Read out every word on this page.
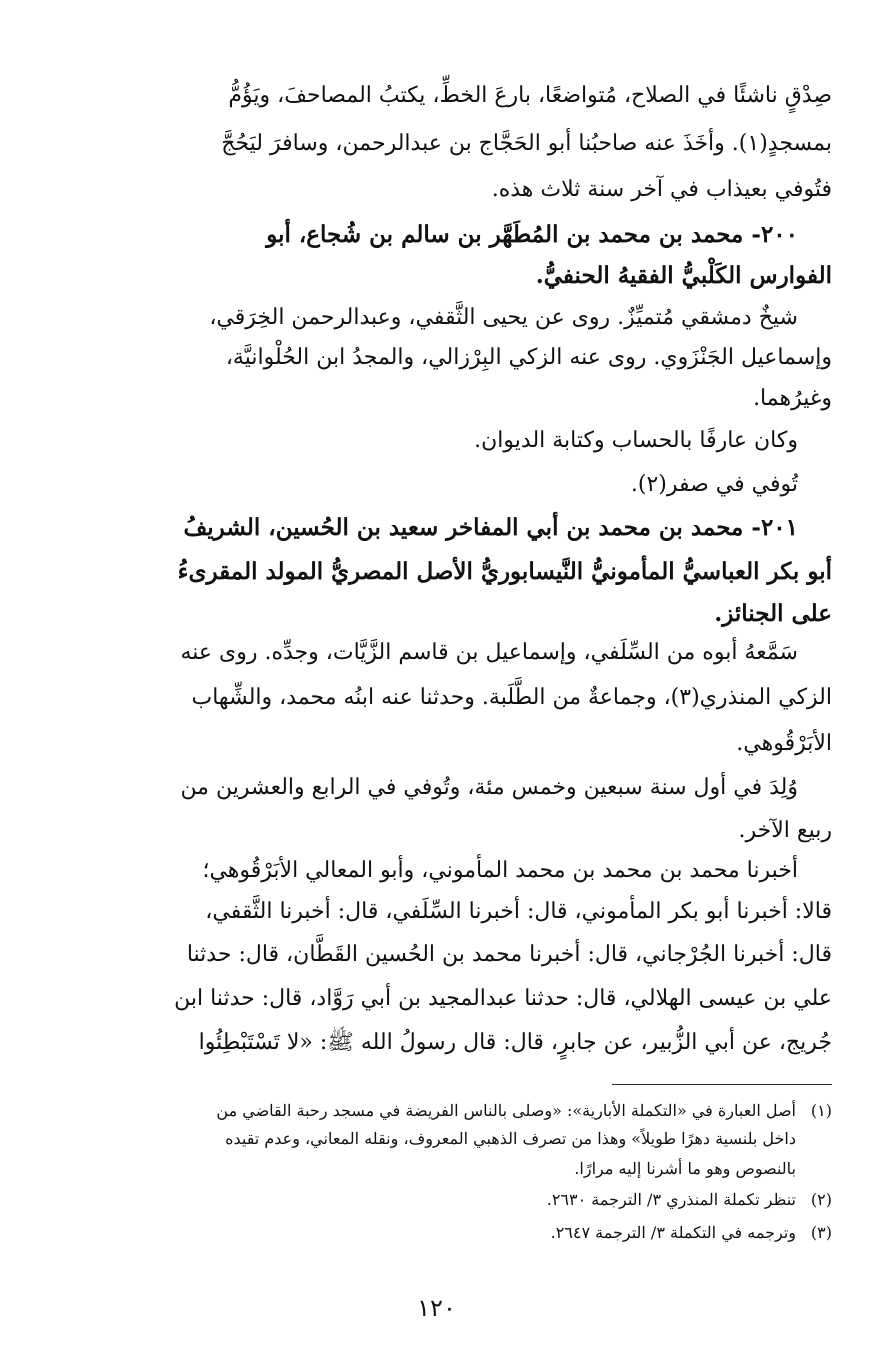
صِدْقٍ ناشئًا في الصلاح، مُتواضعًا، بارعَ الخطِّ، يكتبُ المصاحفَ، ويَؤُمُّ
بمسجدٍ(١). وأخَذَ عنه صاحبُنا أبو الحَجَّاج بن عبدالرحمن، وسافرَ ليَحُجَّ
فتُوفي بعيذاب في آخر سنة ثلاث هذه.
٢٠٠- محمد بن محمد بن المُطَهَّر بن سالم بن شُجاع، أبو
الفوارس الكَلْبيُّ الفقيهُ الحنفيُّ.
شيخٌ دمشقي مُتميِّزٌ. روى عن يحيى الثَّقفي، وعبدالرحمن الخِرَقي،
وإسماعيل الجَنْزَوي. روى عنه الزكي البِرْزالي، والمجدُ ابن الحُلْوانيَّة،
وغيرُهما.
وكان عارفًا بالحساب وكتابة الديوان.
تُوفي في صفر(٢).
٢٠١- محمد بن محمد بن أبي المفاخر سعيد بن الحُسين، الشريفُ
أبو بكر العباسيُّ المأمونيُّ النَّيسابوريُّ الأصل المصريُّ المولد المقرىءُ
على الجنائز.
سَمَّعهُ أبوه من السِّلَفي، وإسماعيل بن قاسم الزَّيَّات، وجدِّه. روى عنه
الزكي المنذري(٣)، وجماعةٌ من الطَّلَبة. وحدثنا عنه ابنُه محمد، والشِّهاب
الأبَرْقُوهي.
وُلِدَ في أول سنة سبعين وخمس مئة، وتُوفي في الرابع والعشرين من
ربيع الآخر.
أخبرنا محمد بن محمد بن محمد المأموني، وأبو المعالي الأبَرْقُوهي؛
قالا: أخبرنا أبو بكر المأموني، قال: أخبرنا السِّلَفي، قال: أخبرنا الثَّقفي،
قال: أخبرنا الجُرْجاني، قال: أخبرنا محمد بن الحُسين القَطَّان، قال: حدثنا
علي بن عيسى الهلالي، قال: حدثنا عبدالمجيد بن أبي رَوَّاد، قال: حدثنا ابن
جُريج، عن أبي الزُّبير، عن جابرٍ، قال: قال رسولُ الله ﷺ: «لا تَسْتَبْطِئُوا
(١)أصل العبارة في «التكملة الأبارية»: «وصلى بالناس الفريضة في مسجد رحبة القاضي من
داخل بلنسية دهرًا طويلاً» وهذا من تصرف الذهبي المعروف، ونقله المعاني، وعدم تقيده
بالنصوص وهو ما أشرنا إليه مرارًا.
(٢)تنظر تكملة المنذري ٣/ الترجمة ٢٦٣٠.
(٣)وترجمه في التكملة ٣/ الترجمة ٢٦٤٧.
١٢٠
